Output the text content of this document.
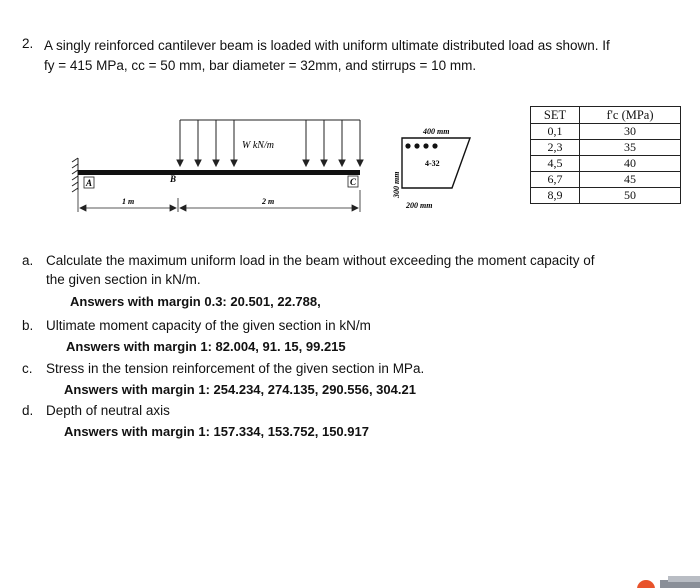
2. A singly reinforced cantilever beam is loaded with uniform ultimate distributed load as shown. If
fy = 415 MPa, cc = 50 mm, bar diameter = 32mm, and stirrups = 10 mm.
W kN/m
A	B	C
1 m	2 m
400 mm
4-32
200 mm
300 mm
SET	f'c (MPa)
0,1	30
2,3	35
4,5	40
6,7	45
8,9	50
a. Calculate the maximum uniform load in the beam without exceeding the moment capacity of
the given section in kN/m.
Answers with margin 0.3: 20.501, 22.788,
b. Ultimate moment capacity of the given section in kN/m
Answers with margin 1: 82.004, 91. 15, 99.215
c. Stress in the tension reinforcement of the given section in MPa.
Answers with margin 1: 254.234, 274.135, 290.556, 304.21
d. Depth of neutral axis
Answers with margin 1: 157.334, 153.752, 150.917
